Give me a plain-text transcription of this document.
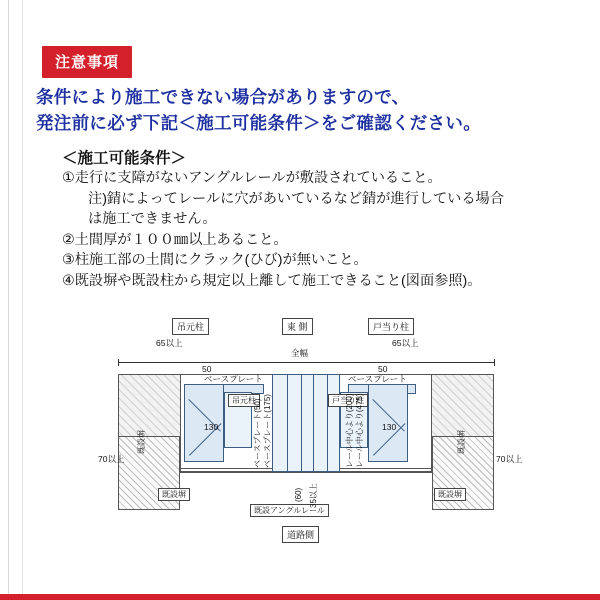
注意事項
条件により施工できない場合がありますので、
発注前に必ず下記＜施工可能条件＞をご確認ください。
＜施工可能条件＞
①走行に支障がないアングルレールが敷設されていること。
注)錆によってレールに穴があいているなど錆が進行している場合
は施工できません。
②土間厚が１００㎜以上あること。
③柱施工部の土間にクラック(ひび)が無いこと。
④既設塀や既設柱から規定以上離して施工できること(図面参照)。
吊元柱	東 側	戸当り柱
65以上	65以上
全幅
50	50
ベースプレート	ベースプレート
吊元柱	戸当り柱
130	130
既設塀	既設塀
70以上	70以上
既設塀	既設塀
既設アングルレール
道路側
ベースプレート(50) ベースプレート(175)	レール中心より(200) レール中心より(475)
(60) 35以上
